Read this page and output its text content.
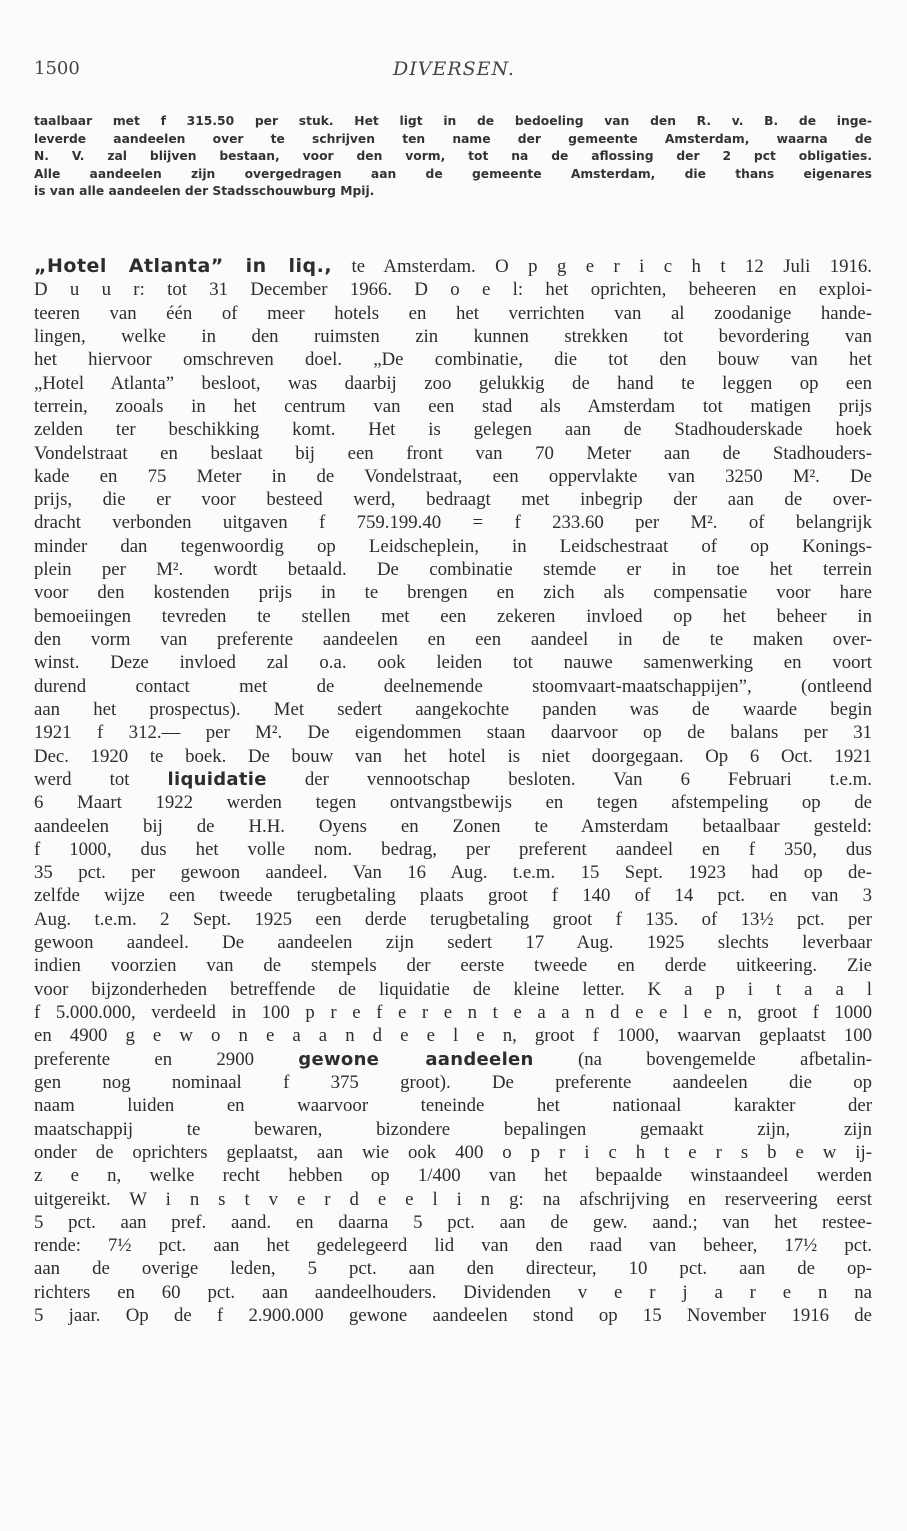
1500	DIVERSEN.
taalbaar met f 315.50 per stuk. Het ligt in de bedoeling van den R. v. B. de inge-
leverde aandeelen over te schrijven ten name der gemeente Amsterdam, waarna de
N. V. zal blijven bestaan, voor den vorm, tot na de aflossing der 2 pct obligaties.
Alle aandeelen zijn overgedragen aan de gemeente Amsterdam, die thans eigenares
is van alle aandeelen der Stadsschouwburg Mpij.
„Hotel Atlanta” in liq., te Amsterdam. O p g e r i c h t 12 Juli 1916.
D u u r: tot 31 December 1966. D o e l: het oprichten, beheeren en exploi-
teeren van één of meer hotels en het verrichten van al zoodanige hande-
lingen, welke in den ruimsten zin kunnen strekken tot bevordering van
het hiervoor omschreven doel. „De combinatie, die tot den bouw van het
„Hotel Atlanta” besloot, was daarbij zoo gelukkig de hand te leggen op een
terrein, zooals in het centrum van een stad als Amsterdam tot matigen prijs
zelden ter beschikking komt. Het is gelegen aan de Stadhouderskade hoek
Vondelstraat en beslaat bij een front van 70 Meter aan de Stadhouders-
kade en 75 Meter in de Vondelstraat, een oppervlakte van 3250 M². De
prijs, die er voor besteed werd, bedraagt met inbegrip der aan de over-
dracht verbonden uitgaven f 759.199.40 = f 233.60 per M². of belangrijk
minder dan tegenwoordig op Leidscheplein, in Leidschestraat of op Konings-
plein per M². wordt betaald. De combinatie stemde er in toe het terrein
voor den kostenden prijs in te brengen en zich als compensatie voor hare
bemoeiingen tevreden te stellen met een zekeren invloed op het beheer in
den vorm van preferente aandeelen en een aandeel in de te maken over-
winst. Deze invloed zal o.a. ook leiden tot nauwe samenwerking en voort
durend contact met de deelnemende stoomvaart-maatschappijen”, (ontleend
aan het prospectus). Met sedert aangekochte panden was de waarde begin
1921 f 312.— per M². De eigendommen staan daarvoor op de balans per 31
Dec. 1920 te boek. De bouw van het hotel is niet doorgegaan. Op 6 Oct. 1921
werd tot liquidatie der vennootschap besloten. Van 6 Februari t.e.m.
6 Maart 1922 werden tegen ontvangstbewijs en tegen afstempeling op de
aandeelen bij de H.H. Oyens en Zonen te Amsterdam betaalbaar gesteld:
f 1000, dus het volle nom. bedrag, per preferent aandeel en f 350, dus
35 pct. per gewoon aandeel. Van 16 Aug. t.e.m. 15 Sept. 1923 had op de-
zelfde wijze een tweede terugbetaling plaats groot f 140 of 14 pct. en van 3
Aug. t.e.m. 2 Sept. 1925 een derde terugbetaling groot f 135. of 13½ pct. per
gewoon aandeel. De aandeelen zijn sedert 17 Aug. 1925 slechts leverbaar
indien voorzien van de stempels der eerste tweede en derde uitkeering. Zie
voor bijzonderheden betreffende de liquidatie de kleine letter. K a p i t a a l
f 5.000.000, verdeeld in 100 p r e f e r e n t e a a n d e e l e n, groot f 1000
en 4900 g e w o n e a a n d e e l e n, groot f 1000, waarvan geplaatst 100
preferente en 2900 gewone aandeelen (na bovengemelde afbetalin-
gen nog nominaal f 375 groot). De preferente aandeelen die op
naam luiden en waarvoor teneinde het nationaal karakter der
maatschappij te bewaren, bizondere bepalingen gemaakt zijn, zijn
onder de oprichters geplaatst, aan wie ook 400 o p r i c h t e r s b e w ij-
z e n, welke recht hebben op 1/400 van het bepaalde winstaandeel werden
uitgereikt. W i n s t v e r d e e l i n g: na afschrijving en reserveering eerst
5 pct. aan pref. aand. en daarna 5 pct. aan de gew. aand.; van het restee-
rende: 7½ pct. aan het gedelegeerd lid van den raad van beheer, 17½ pct.
aan de overige leden, 5 pct. aan den directeur, 10 pct. aan de op-
richters en 60 pct. aan aandeelhouders. Dividenden v e r j a r e n na
5 jaar. Op de f 2.900.000 gewone aandeelen stond op 15 November 1916 de
